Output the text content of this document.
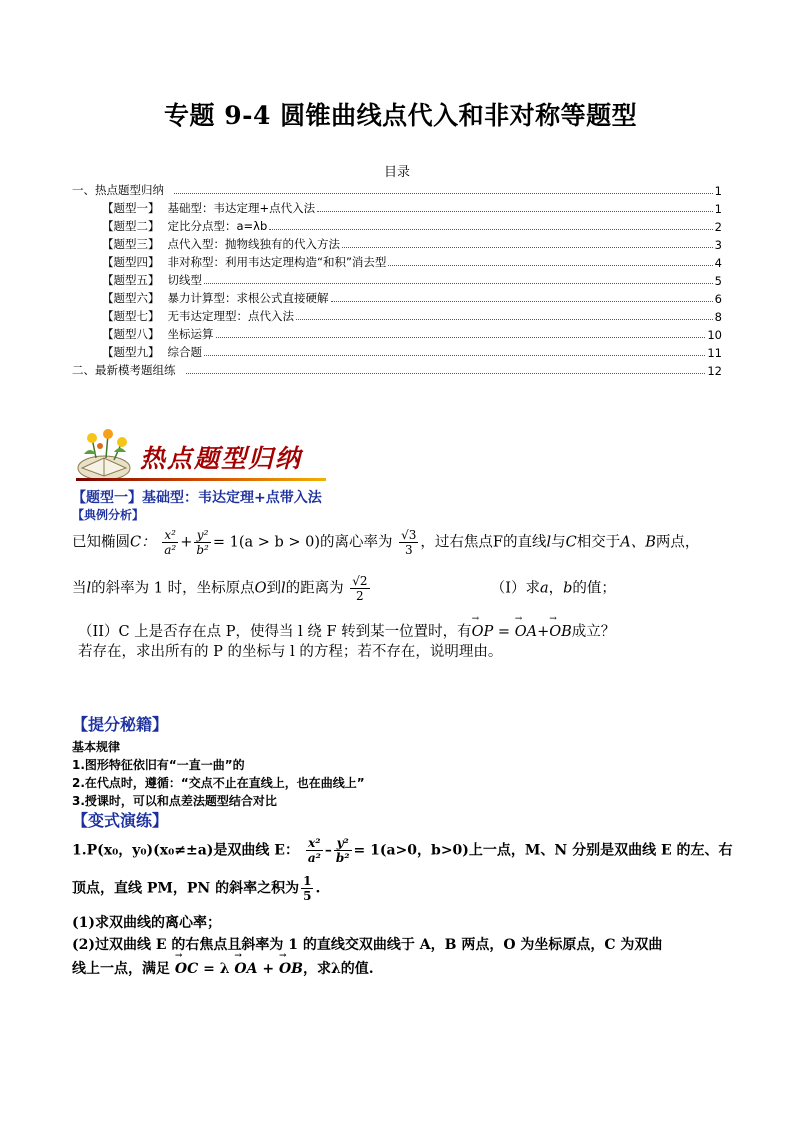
专题 9-4 圆锥曲线点代入和非对称等题型
目录
一、热点题型归纳	1
【题型一】 基础型：韦达定理+点代入法	1
【题型二】 定比分点型：a=λb	2
【题型三】 点代入型：抛物线独有的代入方法	3
【题型四】 非对称型：利用韦达定理构造“和积”消去型	4
【题型五】 切线型	5
【题型六】 暴力计算型：求根公式直接硬解	6
【题型七】 无韦达定理型：点代入法	8
【题型八】 坐标运算	10
【题型九】 综合题	11
二、最新模考题组练	12
热点题型归纳
【题型一】基础型：韦达定理+点带入法
【典例分析】
已知椭圆C： $\frac{\text{x²}}{\text{a²}} + \frac{\text{y²}}{\text{b²}} = 1(a > b > 0)$的离心率为 $\frac{√3}{3}$ ，过右焦点F的直线l与C相交于A、B两点，
当l的斜率为 1 时，坐标原点O到l的距离为 $\frac{√2}{2}$	（I）求a，b的值；
（II）C 上是否存在点 P，使得当 l 绕 F 转到某一位置时，有→ OP = → OA+→ OB成立？
若存在，求出所有的 P 的坐标与 l 的方程；若不存在，说明理由。
【提分秘籍】
基本规律
1.图形特征依旧有“一直一曲”的
2.在代点时，遵循：“交点不止在直线上，也在曲线上”
3.授课时，可以和点差法题型结合对比
【变式演练】
1.P(x₀，y₀)(x₀≠±a)是双曲线 E： $\frac{\text{x²}}{\text{a²}} - \frac{\text{y²}}{\text{b²}} = 1(a>0$，b>0)上一点，M、N 分别是双曲线 E 的左、右
顶点，直线 PM，PN 的斜率之积为 $\frac{1}{5}$ .
(1)求双曲线的离心率；
(2)过双曲线 E 的右焦点且斜率为 1 的直线交双曲线于 A，B 两点，O 为坐标原点，C 为双曲
线上一点，满足 → OC = λ → OA + → OB，求λ的值.
